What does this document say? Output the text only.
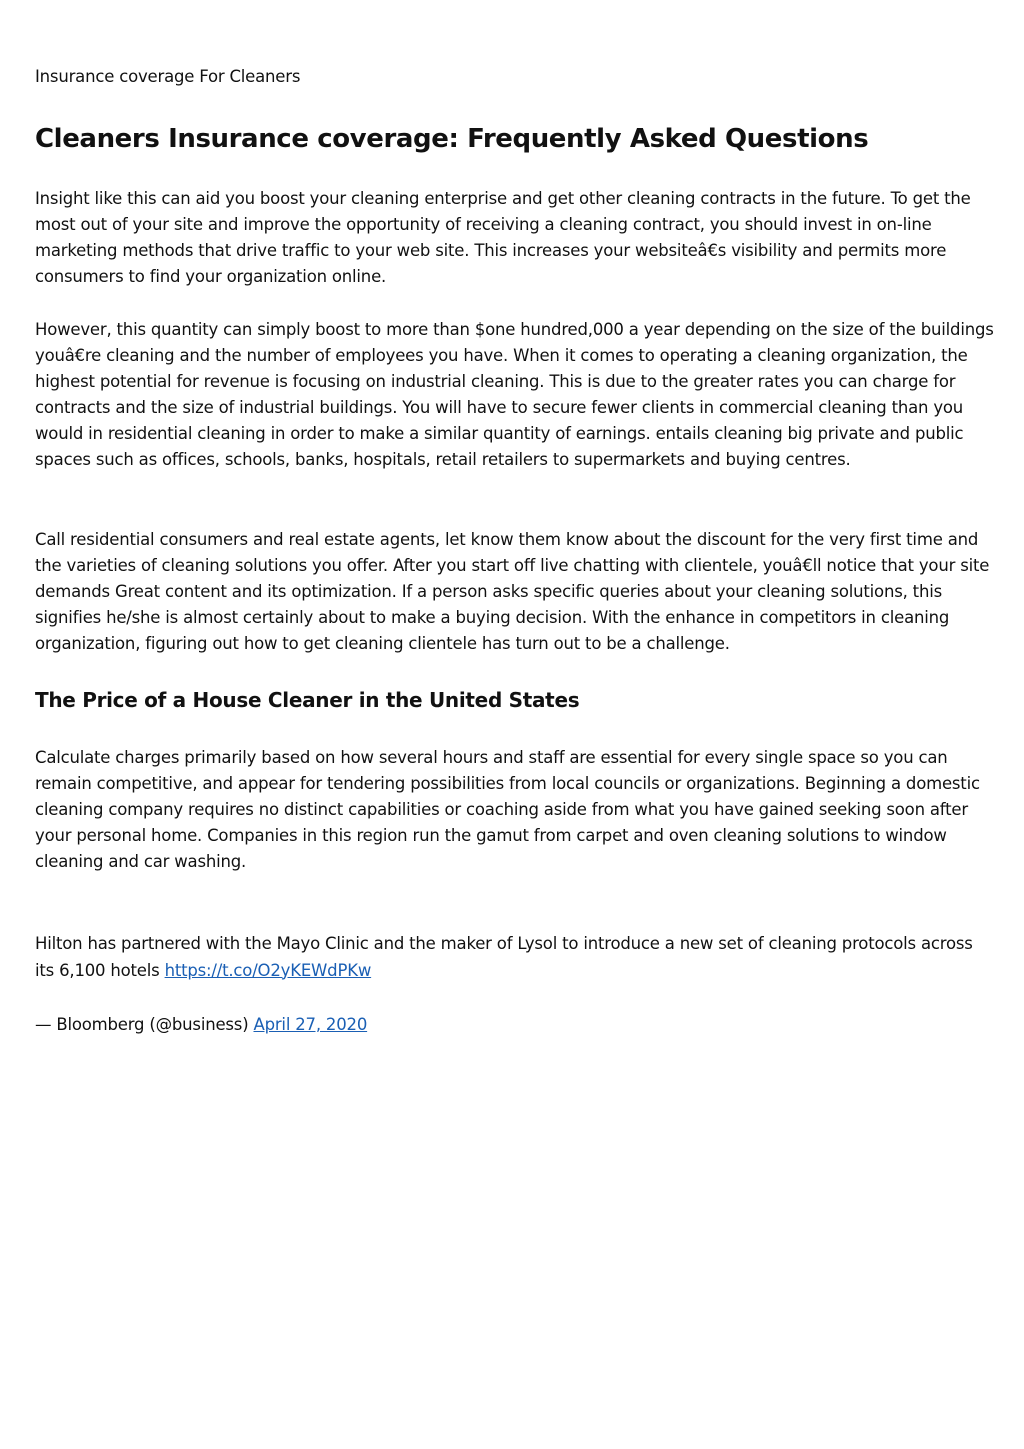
Insurance coverage For Cleaners

Cleaners Insurance coverage: Frequently Asked Questions

Insight like this can aid you boost your cleaning enterprise and get other cleaning contracts in the future. To get the most out of your site and improve the opportunity of receiving a cleaning contract, you should invest in on-line marketing methods that drive traffic to your web site. This increases your websiteâ€s visibility and permits more consumers to find your organization online.

However, this quantity can simply boost to more than $one hundred,000 a year depending on the size of the buildings youâ€re cleaning and the number of employees you have. When it comes to operating a cleaning organization, the highest potential for revenue is focusing on industrial cleaning. This is due to the greater rates you can charge for contracts and the size of industrial buildings. You will have to secure fewer clients in commercial cleaning than you would in residential cleaning in order to make a similar quantity of earnings. entails cleaning big private and public spaces such as offices, schools, banks, hospitals, retail retailers to supermarkets and buying centres.

Call residential consumers and real estate agents, let know them know about the discount for the very first time and the varieties of cleaning solutions you offer. After you start off live chatting with clientele, youâ€ll notice that your site demands Great content and its optimization. If a person asks specific queries about your cleaning solutions, this signifies he/she is almost certainly about to make a buying decision. With the enhance in competitors in cleaning organization, figuring out how to get cleaning clientele has turn out to be a challenge.

The Price of a House Cleaner in the United States

Calculate charges primarily based on how several hours and staff are essential for every single space so you can remain competitive, and appear for tendering possibilities from local councils or organizations. Beginning a domestic cleaning company requires no distinct capabilities or coaching aside from what you have gained seeking soon after your personal home. Companies in this region run the gamut from carpet and oven cleaning solutions to window cleaning and car washing.

Hilton has partnered with the Mayo Clinic and the maker of Lysol to introduce a new set of cleaning protocols across its 6,100 hotels https://t.co/O2yKEWdPKw

— Bloomberg (@business) April 27, 2020
